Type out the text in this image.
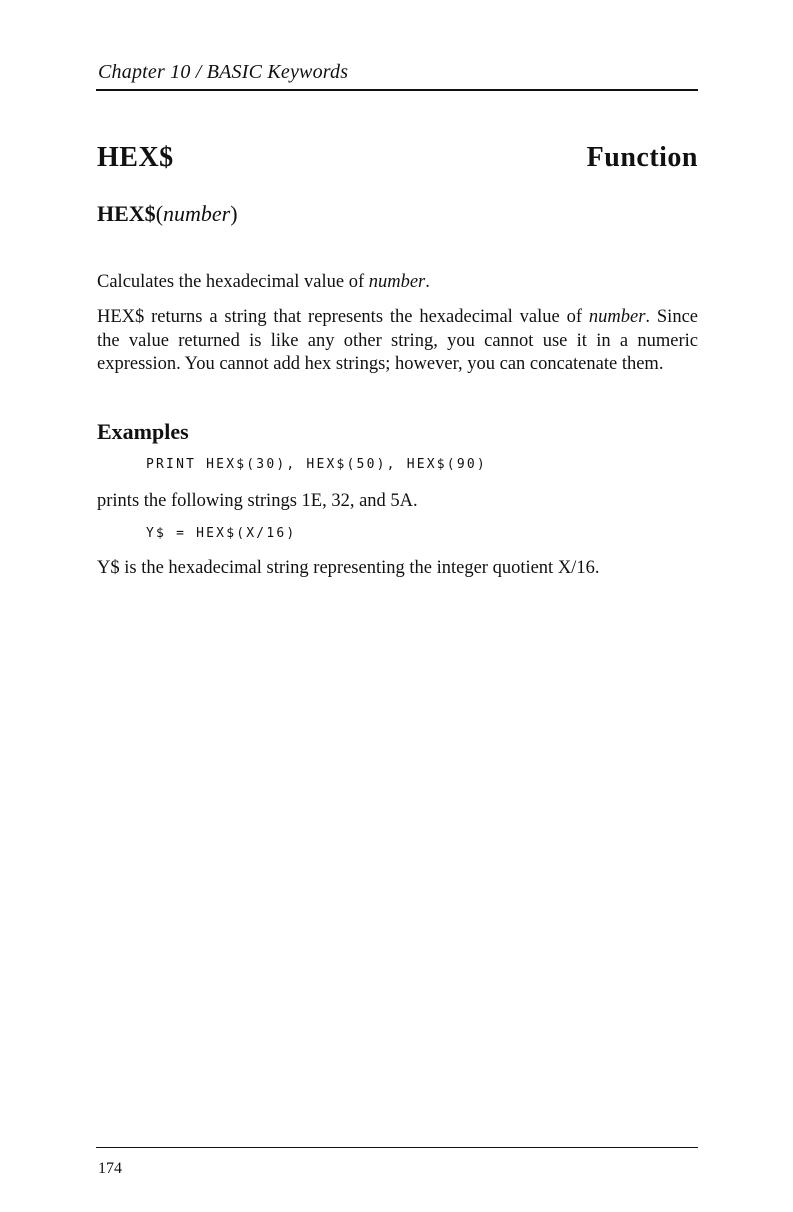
Chapter 10 / BASIC Keywords
HEX$	Function
HEX$(number)
Calculates the hexadecimal value of number.
HEX$ returns a string that represents the hexadecimal value of number. Since the value returned is like any other string, you cannot use it in a numeric expression. You cannot add hex strings; however, you can concatenate them.
Examples
PRINT HEX$(30), HEX$(50), HEX$(90)
prints the following strings 1E, 32, and 5A.
Y$ = HEX$(X/16)
Y$ is the hexadecimal string representing the integer quotient X/16.
174
